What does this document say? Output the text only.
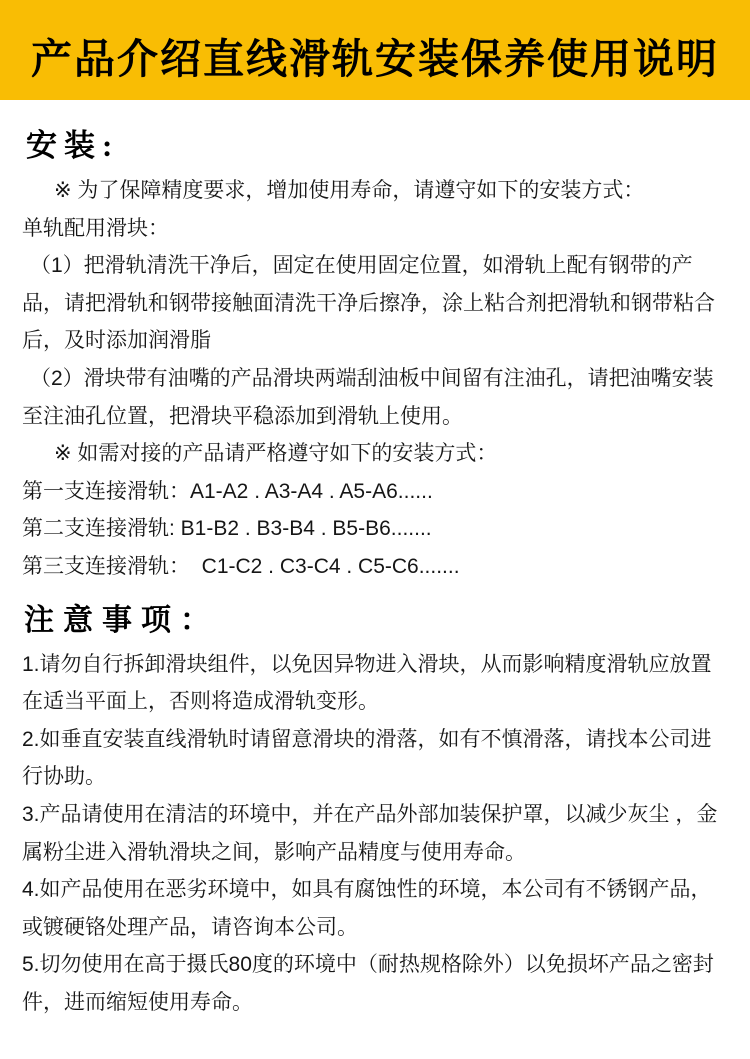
产品介绍直线滑轨安装保养使用说明
安装:

※ 为了保障精度要求，增加使用寿命，请遵守如下的安装方式：

单轨配用滑块：

（1）把滑轨清洗干净后，固定在使用固定位置，如滑轨上配有钢带的产品，请把滑轨和钢带接触面清洗干净后擦净，涂上粘合剂把滑轨和钢带粘合后，及时添加润滑脂

（2）滑块带有油嘴的产品滑块两端刮油板中间留有注油孔，请把油嘴安装至注油孔位置，把滑块平稳添加到滑轨上使用。

※ 如需对接的产品请严格遵守如下的安装方式：

第一支连接滑轨：A1-A2 . A3-A4 . A5-A6......

第二支连接滑轨: B1-B2 . B3-B4 . B5-B6.......

第三支连接滑轨：  C1-C2 . C3-C4 . C5-C6.......

注意事项：

1.请勿自行拆卸滑块组件，以免因异物进入滑块，从而影响精度滑轨应放置在适当平面上，否则将造成滑轨变形。

2.如垂直安装直线滑轨时请留意滑块的滑落，如有不慎滑落，请找本公司进行协助。

3.产品请使用在清洁的环境中，并在产品外部加装保护罩，以减少灰尘 ，金属粉尘进入滑轨滑块之间，影响产品精度与使用寿命。

4.如产品使用在恶劣环境中，如具有腐蚀性的环境，本公司有不锈钢产品，或镀硬铬处理产品，请咨询本公司。

5.切勿使用在高于摄氏80度的环境中（耐热规格除外）以免损坏产品之密封件，进而缩短使用寿命。
